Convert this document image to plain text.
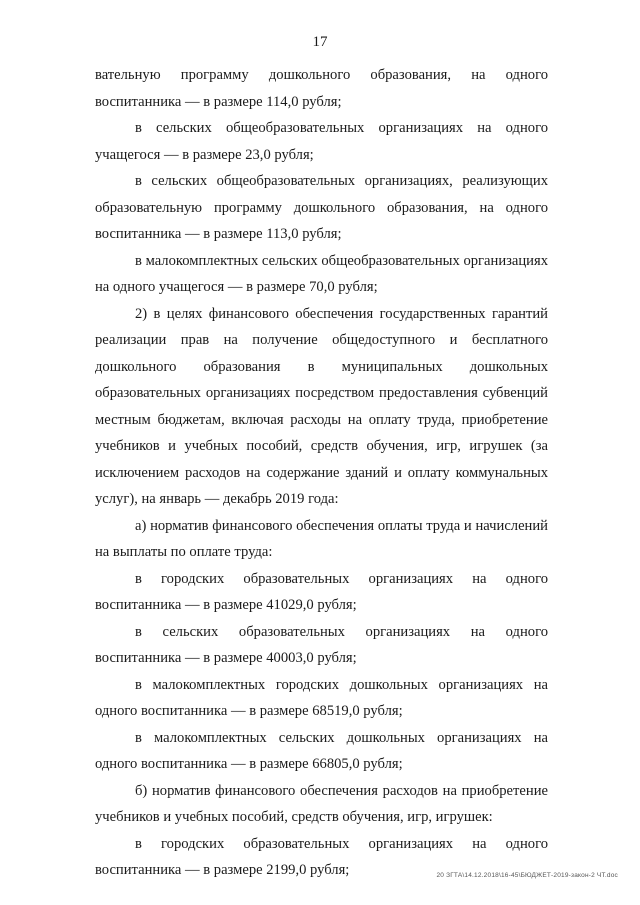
17

вательную программу дошкольного образования, на одного воспитанника — в размере 114,0 рубля;

в сельских общеобразовательных организациях на одного учащегося — в размере 23,0 рубля;

в сельских общеобразовательных организациях, реализующих образовательную программу дошкольного образования, на одного воспитанника — в размере 113,0 рубля;

в малокомплектных сельских общеобразовательных организациях на одного учащегося — в размере 70,0 рубля;

2) в целях финансового обеспечения государственных гарантий реализации прав на получение общедоступного и бесплатного дошкольного образования в муниципальных дошкольных образовательных организациях посредством предоставления субвенций местным бюджетам, включая расходы на оплату труда, приобретение учебников и учебных пособий, средств обучения, игр, игрушек (за исключением расходов на содержание зданий и оплату коммунальных услуг), на январь — декабрь 2019 года:

а) норматив финансового обеспечения оплаты труда и начислений на выплаты по оплате труда:

в городских образовательных организациях на одного воспитанника — в размере 41029,0 рубля;

в сельских образовательных организациях на одного воспитанника — в размере 40003,0 рубля;

в малокомплектных городских дошкольных организациях на одного воспитанника — в размере 68519,0 рубля;

в малокомплектных сельских дошкольных организациях на одного воспитанника — в размере 66805,0 рубля;

б) норматив финансового обеспечения расходов на приобретение учебников и учебных пособий, средств обучения, игр, игрушек:

в городских образовательных организациях на одного воспитанника — в размере 2199,0 рубля;	20 ЗГТА\14.12.2018\16-45\БЮДЖЕТ-2019-закон-2 ЧТ.doc
